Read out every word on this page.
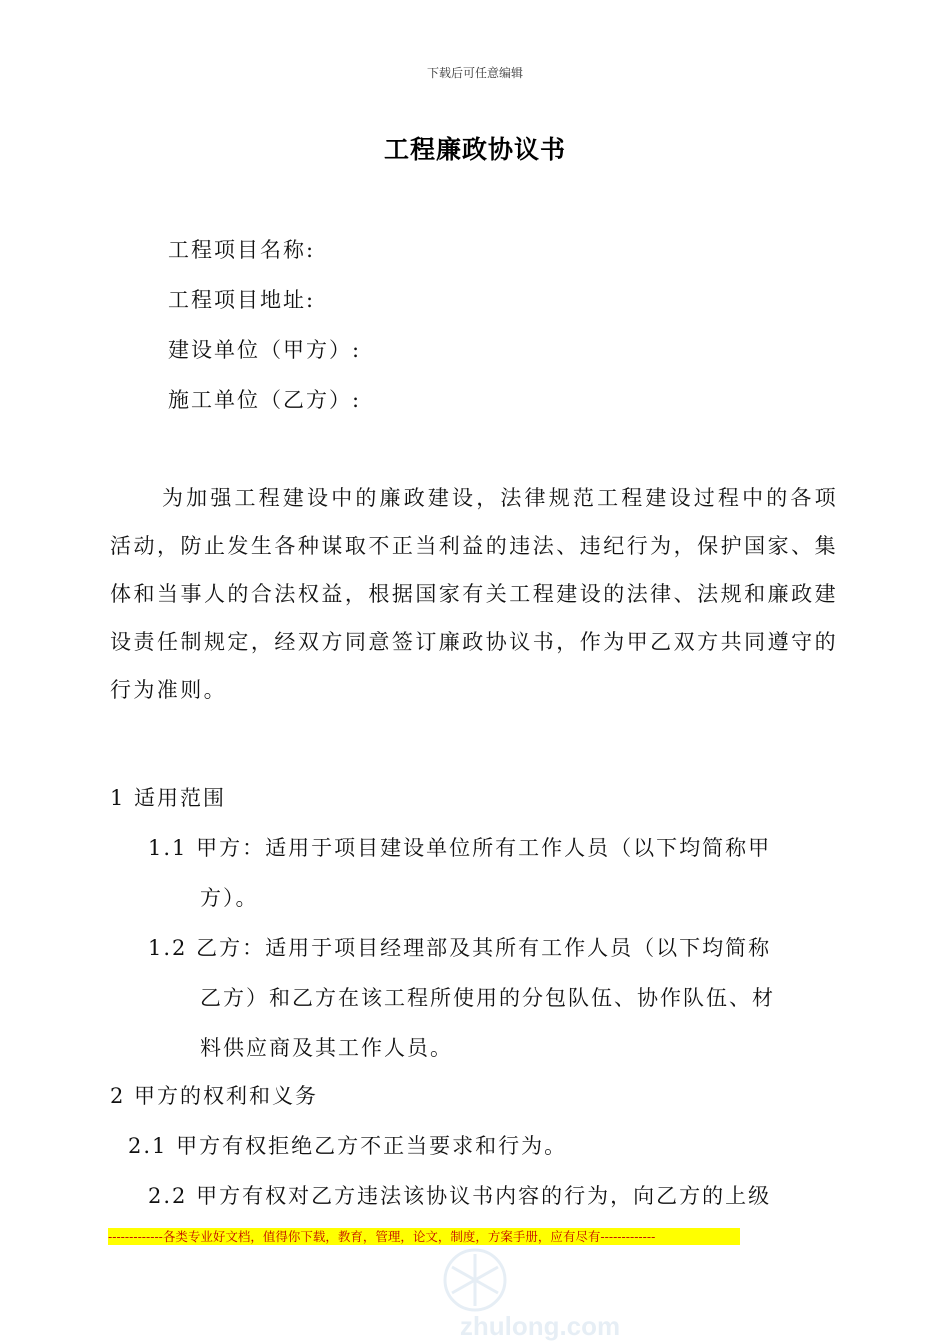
下载后可任意编辑
工程廉政协议书
工程项目名称:
工程项目地址:
建设单位（甲方）:
施工单位（乙方）:
为加强工程建设中的廉政建设，法律规范工程建设过程中的各项活动，防止发生各种谋取不正当利益的违法、违纪行为，保护国家、集体和当事人的合法权益，根据国家有关工程建设的法律、法规和廉政建设责任制规定，经双方同意签订廉政协议书，作为甲乙双方共同遵守的行为准则。
1 适用范围
1.1 甲方：适用于项目建设单位所有工作人员（以下均简称甲
方）。
1.2 乙方：适用于项目经理部及其所有工作人员（以下均简称
乙方）和乙方在该工程所使用的分包队伍、协作队伍、材
料供应商及其工作人员。
2 甲方的权利和义务
2.1 甲方有权拒绝乙方不正当要求和行为。
2.2 甲方有权对乙方违法该协议书内容的行为，向乙方的上级
-------------各类专业好文档，值得你下载，教育，管理，论文，制度，方案手册，应有尽有-------------
zhulong.com
